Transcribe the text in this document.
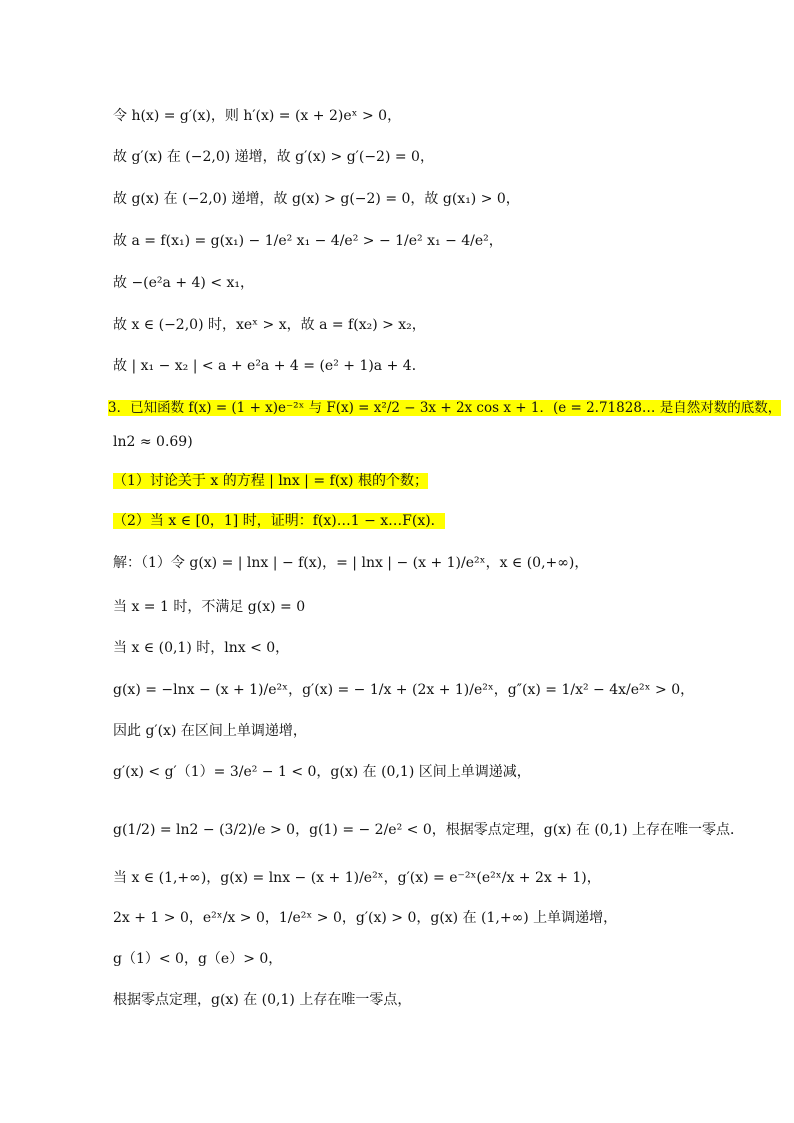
令 h(x) = g′(x)，则 h′(x) = (x + 2)eˣ > 0，
故 g′(x) 在 (−2,0) 递增，故 g′(x) > g′(−2) = 0，
故 g(x) 在 (−2,0) 递增，故 g(x) > g(−2) = 0，故 g(x₁) > 0，
故 a = f(x₁) = g(x₁) − 1/e² x₁ − 4/e² > − 1/e² x₁ − 4/e²，
故 −(e²a + 4) < x₁，
故 x ∈ (−2,0) 时，xeˣ > x，故 a = f(x₂) > x₂，
故 | x₁ − x₂ | < a + e²a + 4 = (e² + 1)a + 4．
3．已知函数 f(x) = (1 + x)e⁻²ˣ 与 F(x) = x²/2 − 3x + 2x cos x + 1．(e = 2.71828… 是自然对数的底数，
ln2 ≈ 0.69)
（1）讨论关于 x 的方程 | lnx | = f(x) 根的个数；
（2）当 x ∈ [0，1] 时，证明：f(x)…1 − x…F(x)．
解：（1）令 g(x) = | lnx | − f(x)，= | lnx | − (x + 1)/e²ˣ，x ∈ (0,+∞)，
当 x = 1 时，不满足 g(x) = 0
当 x ∈ (0,1) 时，lnx < 0，
g(x) = −lnx − (x + 1)/e²ˣ，g′(x) = − 1/x + (2x + 1)/e²ˣ，g″(x) = 1/x² − 4x/e²ˣ > 0，
因此 g′(x) 在区间上单调递增，
g′(x) < g′（1）= 3/e² − 1 < 0，g(x) 在 (0,1) 区间上单调递减，
g(1/2) = ln2 − (3/2)/e > 0，g(1) = − 2/e² < 0，根据零点定理，g(x) 在 (0,1) 上存在唯一零点．
当 x ∈ (1,+∞)，g(x) = lnx − (x + 1)/e²ˣ，g′(x) = e⁻²ˣ(e²ˣ/x + 2x + 1)，
2x + 1 > 0，e²ˣ/x > 0，1/e²ˣ > 0，g′(x) > 0，g(x) 在 (1,+∞) 上单调递增，
g（1）< 0，g（e）> 0，
根据零点定理，g(x) 在 (0,1) 上存在唯一零点，
